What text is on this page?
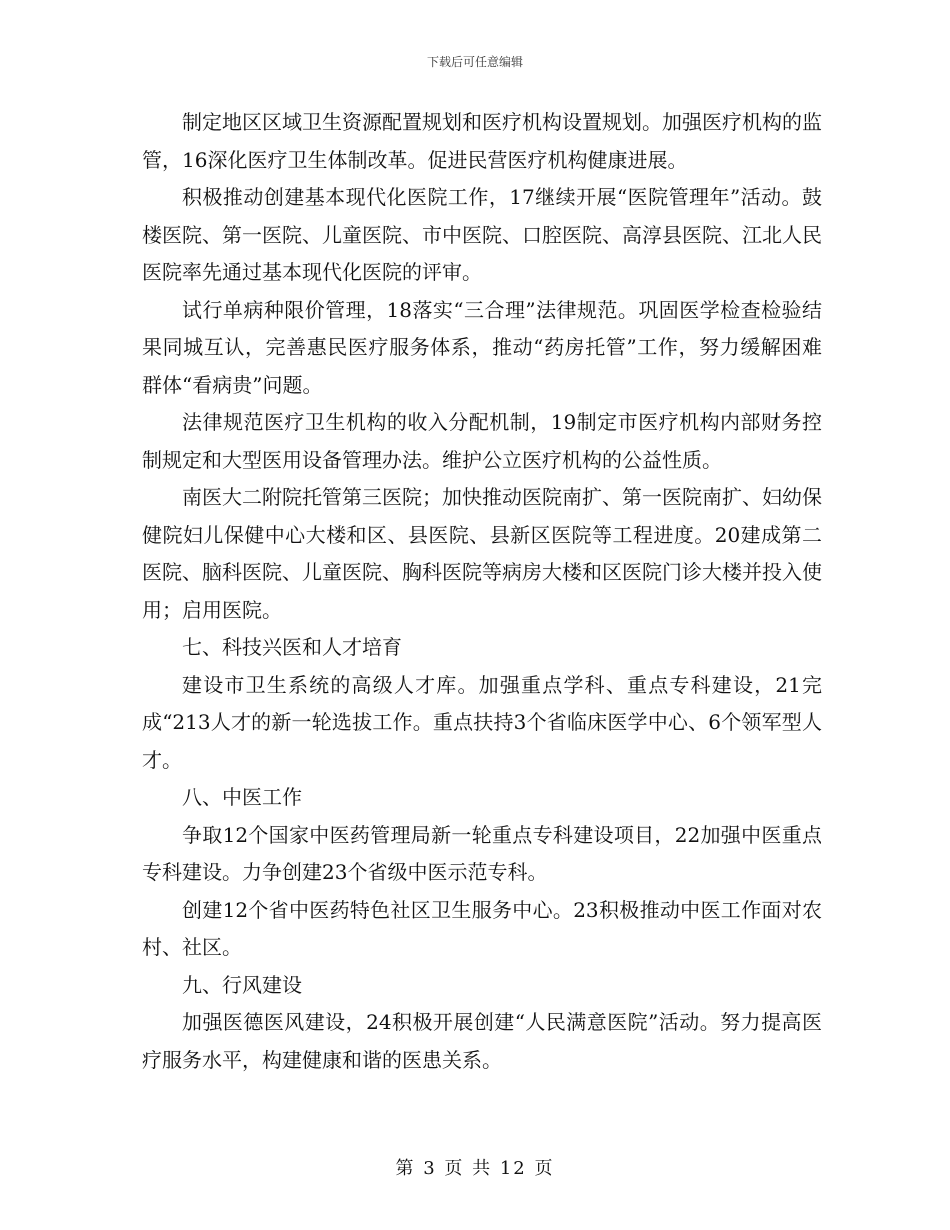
下载后可任意编辑

制定地区区域卫生资源配置规划和医疗机构设置规划。加强医疗机构的监管，16深化医疗卫生体制改革。促进民营医疗机构健康进展。

积极推动创建基本现代化医院工作，17继续开展“医院管理年”活动。鼓楼医院、第一医院、儿童医院、市中医院、口腔医院、高淳县医院、江北人民医院率先通过基本现代化医院的评审。

试行单病种限价管理，18落实“三合理”法律规范。巩固医学检查检验结果同城互认，完善惠民医疗服务体系，推动“药房托管”工作，努力缓解困难群体“看病贵”问题。

法律规范医疗卫生机构的收入分配机制，19制定市医疗机构内部财务控制规定和大型医用设备管理办法。维护公立医疗机构的公益性质。

南医大二附院托管第三医院；加快推动医院南扩、第一医院南扩、妇幼保健院妇儿保健中心大楼和区、县医院、县新区医院等工程进度。20建成第二医院、脑科医院、儿童医院、胸科医院等病房大楼和区医院门诊大楼并投入使用；启用医院。

七、科技兴医和人才培育

建设市卫生系统的高级人才库。加强重点学科、重点专科建设，21完成“213人才的新一轮选拔工作。重点扶持3个省临床医学中心、6个领军型人才。

八、中医工作

争取12个国家中医药管理局新一轮重点专科建设项目，22加强中医重点专科建设。力争创建23个省级中医示范专科。

创建12个省中医药特色社区卫生服务中心。23积极推动中医工作面对农村、社区。

九、行风建设

加强医德医风建设，24积极开展创建“人民满意医院”活动。努力提高医疗服务水平，构建健康和谐的医患关系。

第 3 页 共 12 页
